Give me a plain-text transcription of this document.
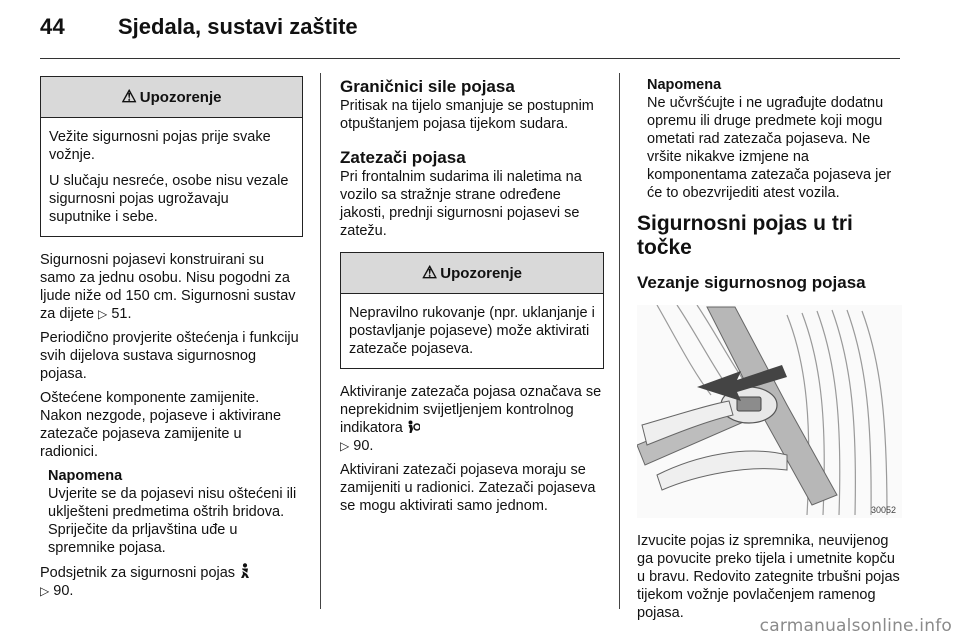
44 Sjedala, sustavi zaštite
⚠ Upozorenje

Vežite sigurnosni pojas prije svake vožnje.

U slučaju nesreće, osobe nisu vezale sigurnosni pojas ugrožavaju suputnike i sebe.

Sigurnosni pojasevi konstruirani su samo za jednu osobu. Nisu pogodni za ljude niže od 150 cm. Sigurnosni sustav za dijete ▷ 51.

Periodično provjerite oštećenja i funkciju svih dijelova sustava sigurnosnog pojasa.

Oštećene komponente zamijenite. Nakon nezgode, pojaseve i aktivirane zatezače pojaseva zamijenite u radionici.

Napomena
Uvjerite se da pojasevi nisu oštećeni ili uklješteni predmetima oštrih bridova. Spriječite da prljavština uđe u spremnike pojasa.

Podsjetnik za sigurnosni pojas
▷ 90.

Graničnici sile pojasa

Pritisak na tijelo smanjuje se postupnim otpuštanjem pojasa tijekom sudara.

Zatezači pojasa

Pri frontalnim sudarima ili naletima na vozilo sa stražnje strane određene jakosti, prednji sigurnosni pojasevi se zatežu.

⚠ Upozorenje

Nepravilno rukovanje (npr. uklanjanje i postavljanje pojaseve) može aktivirati zatezače pojaseva.

Aktiviranje zatezača pojasa označava se neprekidnim svijetljenjem kontrolnog indikatora
▷ 90.

Aktivirani zatezači pojaseva moraju se zamijeniti u radionici. Zatezači pojaseva se mogu aktivirati samo jednom.

Napomena
Ne učvršćujte i ne ugrađujte dodatnu opremu ili druge predmete koji mogu ometati rad zatezača pojaseva. Ne vršite nikakve izmjene na komponentama zatezača pojaseva jer će to obezvrijediti atest vozila.
Sigurnosni pojas u tri točke
Vezanje sigurnosnog pojasa
30052

Izvucite pojas iz spremnika, neuvijenog ga povucite preko tijela i umetnite kopču u bravu. Redovito zategnite trbušni pojas tijekom vožnje povlačenjem ramenog pojasa.

carmanualsonline.info
